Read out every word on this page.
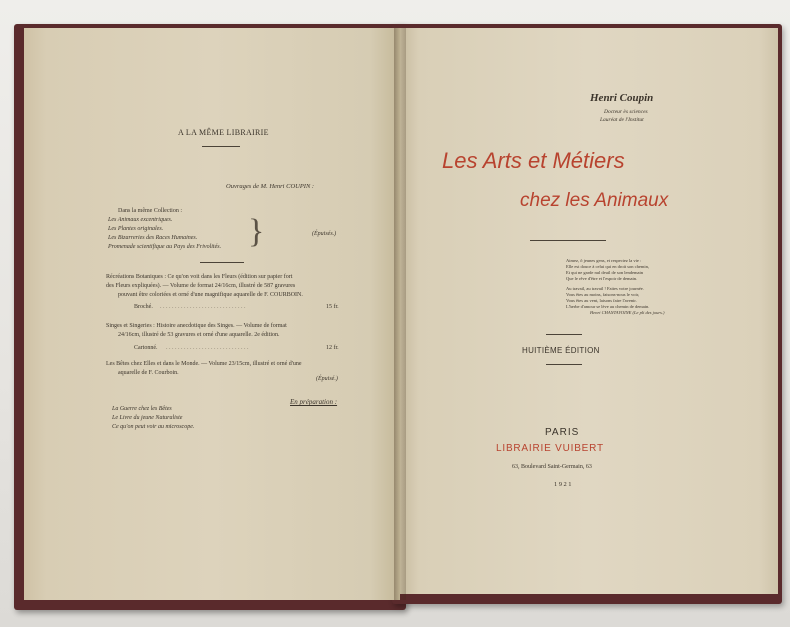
A LA MÊME LIBRAIRIE
Ouvrages de M. Henri COUPIN :
Dans la même Collection :
Les Animaux excentriques.
Les Plantes originales.
Les Bizarreries des Races Humaines.
Promenade scientifique au Pays des Frivolités. }	(Épuisés.)
Récréations Botaniques : Ce qu'on voit dans les Fleurs (édition sur papier fort
des Fleurs expliquées). — Volume de format 24/16cm, illustré de 587 gravures
pouvant être coloriées et orné d'une magnifique aquarelle de F. COURBOIN.
Broché. . . . . . . . . . . . . . . . . . . . . . . . . . . . . .	15 fr.
Singes et Singeries : Histoire anecdotique des Singes. — Volume de format
24/16cm, illustré de 53 gravures et orné d'une aquarelle. 2e édition.
Cartonné. . . . . . . . . . . . . . . . . . . . . . . . . . . . .	12 fr.
Les Bêtes chez Elles et dans le Monde. — Volume 23/15cm, illustré et orné d'une
aquarelle de F. Courboin.
(Épuisé.)
En préparation :
La Guerre chez les Bêtes
Le Livre du jeune Naturaliste
Ce qu'on peut voir au microscope.
Henri Coupin
Docteur ès sciences
Lauréat de l'Institut
Les Arts et Métiers
chez les Animaux
Aimez, ô jeunes gens, et respectez la vie :
Elle est douce à celui qui en droit son chemin,
Et qui ne garde nul deuil de son lendemain
Que le rêve d'être et l'espoir de demain.
Au travail, au travail ! Faites votre journée.
Vous êtes au moins, faisons-nous le voir,
Vous êtes au vent, laisons faire l'avenir.
L'herbe d'amour se lève au chemin de demain.
Henri CHANTAVOINE (Le pli des jours.)
HUITIÈME ÉDITION
PARIS
LIBRAIRIE VUIBERT
63, Boulevard Saint-Germain, 63
1921
